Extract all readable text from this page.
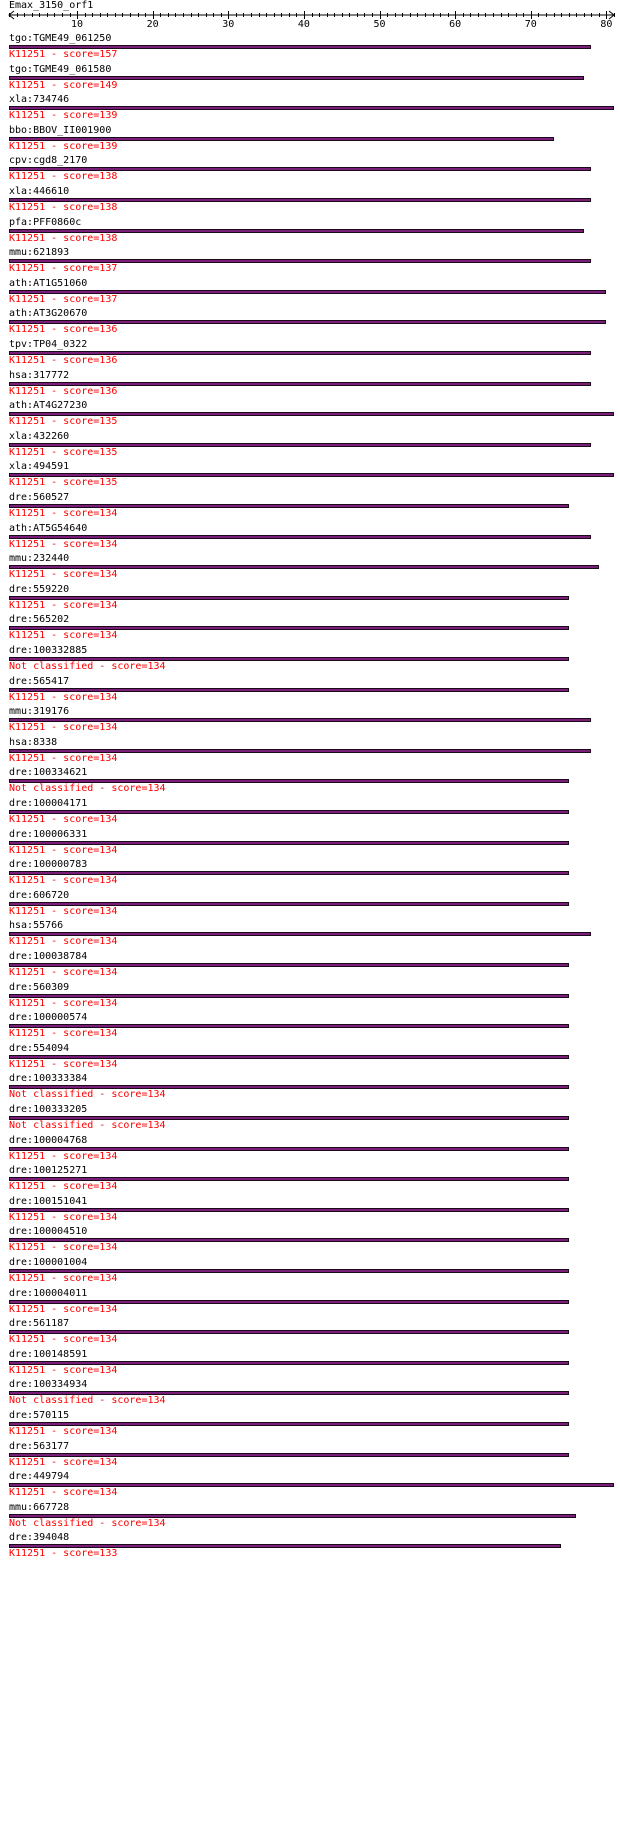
Emax_3150_orf1
10	20	30	40	50	60	70	80
tgo:TGME49_061250
K11251 - score=157
tgo:TGME49_061580
K11251 - score=149
xla:734746
K11251 - score=139
bbo:BBOV_II001900
K11251 - score=139
cpv:cgd8_2170
K11251 - score=138
xla:446610
K11251 - score=138
pfa:PFF0860c
K11251 - score=138
mmu:621893
K11251 - score=137
ath:AT1G51060
K11251 - score=137
ath:AT3G20670
K11251 - score=136
tpv:TP04_0322
K11251 - score=136
hsa:317772
K11251 - score=136
ath:AT4G27230
K11251 - score=135
xla:432260
K11251 - score=135
xla:494591
K11251 - score=135
dre:560527
K11251 - score=134
ath:AT5G54640
K11251 - score=134
mmu:232440
K11251 - score=134
dre:559220
K11251 - score=134
dre:565202
K11251 - score=134
dre:100332885
Not classified - score=134
dre:565417
K11251 - score=134
mmu:319176
K11251 - score=134
hsa:8338
K11251 - score=134
dre:100334621
Not classified - score=134
dre:100004171
K11251 - score=134
dre:100006331
K11251 - score=134
dre:100000783
K11251 - score=134
dre:606720
K11251 - score=134
hsa:55766
K11251 - score=134
dre:100038784
K11251 - score=134
dre:560309
K11251 - score=134
dre:100000574
K11251 - score=134
dre:554094
K11251 - score=134
dre:100333384
Not classified - score=134
dre:100333205
Not classified - score=134
dre:100004768
K11251 - score=134
dre:100125271
K11251 - score=134
dre:100151041
K11251 - score=134
dre:100004510
K11251 - score=134
dre:100001004
K11251 - score=134
dre:100004011
K11251 - score=134
dre:561187
K11251 - score=134
dre:100148591
K11251 - score=134
dre:100334934
Not classified - score=134
dre:570115
K11251 - score=134
dre:563177
K11251 - score=134
dre:449794
K11251 - score=134
mmu:667728
Not classified - score=134
dre:394048
K11251 - score=133
